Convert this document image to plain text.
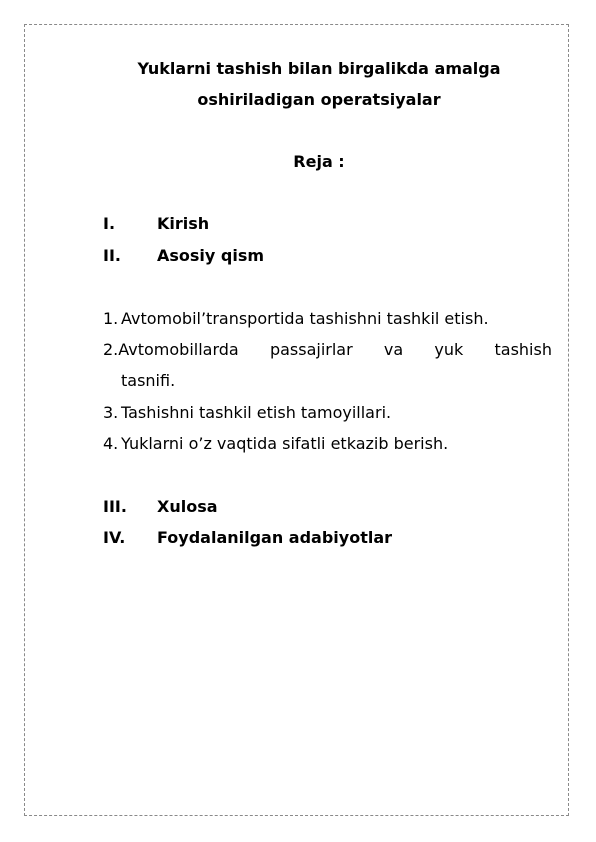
Yuklarni tashish bilan birgalikda amalga
oshiriladigan operatsiyalar
Reja :
I.	Kirish
II. Asosiy qism
1. Avtomobil’transportida tashishni tashkil etish.
2.Avtomobillarda passajirlar va yuk tashish
tasnifi.
3. Tashishni tashkil etish tamoyillari.
4. Yuklarni o’z vaqtida sifatli etkazib berish.
III. Xulosa
IV. Foydalanilgan adabiyotlar
